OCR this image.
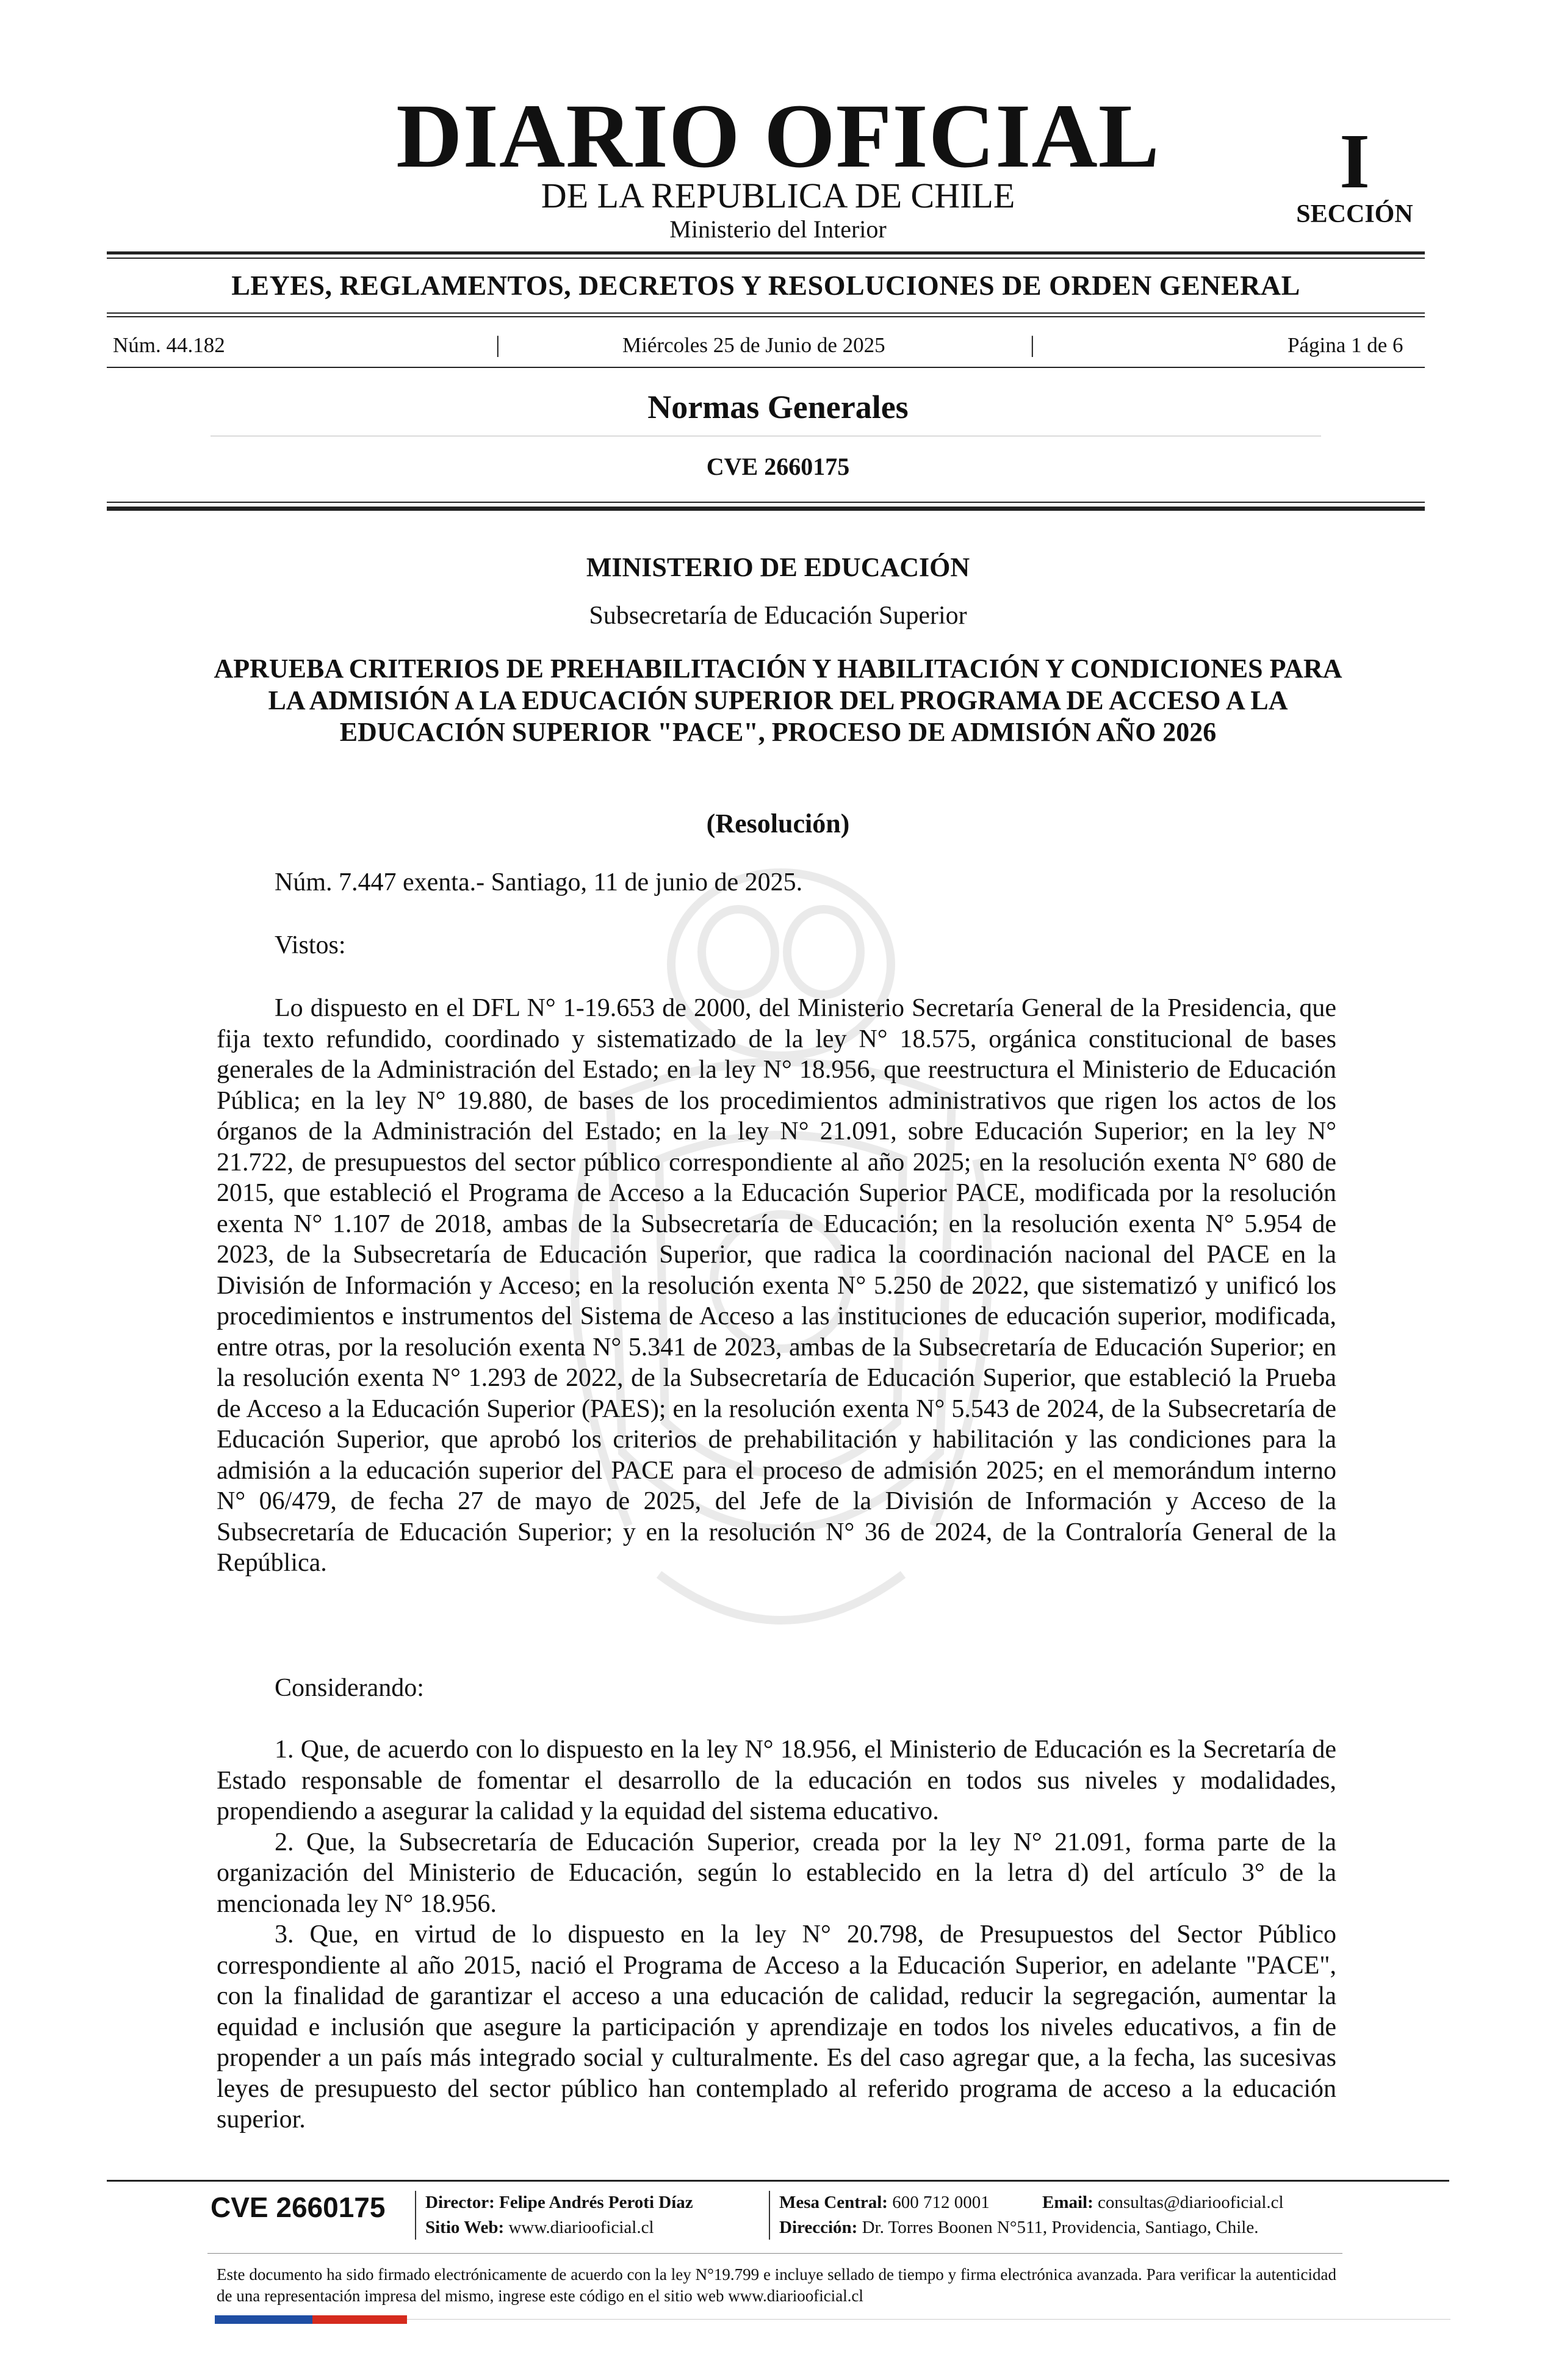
DIARIO OFICIAL
DE LA REPUBLICA DE CHILE
Ministerio del Interior
I
SECCIÓN
LEYES, REGLAMENTOS, DECRETOS Y RESOLUCIONES DE ORDEN GENERAL
Núm. 44.182	|	Miércoles 25 de Junio de 2025	|	Página 1 de 6
Normas Generales
CVE 2660175
MINISTERIO DE EDUCACIÓN
Subsecretaría de Educación Superior
APRUEBA CRITERIOS DE PREHABILITACIÓN Y HABILITACIÓN Y CONDICIONES PARA LA ADMISIÓN A LA EDUCACIÓN SUPERIOR DEL PROGRAMA DE ACCESO A LA EDUCACIÓN SUPERIOR "PACE", PROCESO DE ADMISIÓN AÑO 2026
(Resolución)
Núm. 7.447 exenta.- Santiago, 11 de junio de 2025.
Vistos:

Lo dispuesto en el DFL N° 1-19.653 de 2000, del Ministerio Secretaría General de la Presidencia, que fija texto refundido, coordinado y sistematizado de la ley N° 18.575, orgánica constitucional de bases generales de la Administración del Estado; en la ley N° 18.956, que reestructura el Ministerio de Educación Pública; en la ley N° 19.880, de bases de los procedimientos administrativos que rigen los actos de los órganos de la Administración del Estado; en la ley N° 21.091, sobre Educación Superior; en la ley N° 21.722, de presupuestos del sector público correspondiente al año 2025; en la resolución exenta N° 680 de 2015, que estableció el Programa de Acceso a la Educación Superior PACE, modificada por la resolución exenta N° 1.107 de 2018, ambas de la Subsecretaría de Educación; en la resolución exenta N° 5.954 de 2023, de la Subsecretaría de Educación Superior, que radica la coordinación nacional del PACE en la División de Información y Acceso; en la resolución exenta N° 5.250 de 2022, que sistematizó y unificó los procedimientos e instrumentos del Sistema de Acceso a las instituciones de educación superior, modificada, entre otras, por la resolución exenta N° 5.341 de 2023, ambas de la Subsecretaría de Educación Superior; en la resolución exenta N° 1.293 de 2022, de la Subsecretaría de Educación Superior, que estableció la Prueba de Acceso a la Educación Superior (PAES); en la resolución exenta N° 5.543 de 2024, de la Subsecretaría de Educación Superior, que aprobó los criterios de prehabilitación y habilitación y las condiciones para la admisión a la educación superior del PACE para el proceso de admisión 2025; en el memorándum interno N° 06/479, de fecha 27 de mayo de 2025, del Jefe de la División de Información y Acceso de la Subsecretaría de Educación Superior; y en la resolución N° 36 de 2024, de la Contraloría General de la República.

Considerando:

1. Que, de acuerdo con lo dispuesto en la ley N° 18.956, el Ministerio de Educación es la Secretaría de Estado responsable de fomentar el desarrollo de la educación en todos sus niveles y modalidades, propendiendo a asegurar la calidad y la equidad del sistema educativo.

2. Que, la Subsecretaría de Educación Superior, creada por la ley N° 21.091, forma parte de la organización del Ministerio de Educación, según lo establecido en la letra d) del artículo 3° de la mencionada ley N° 18.956.

3. Que, en virtud de lo dispuesto en la ley N° 20.798, de Presupuestos del Sector Público correspondiente al año 2015, nació el Programa de Acceso a la Educación Superior, en adelante "PACE", con la finalidad de garantizar el acceso a una educación de calidad, reducir la segregación, aumentar la equidad e inclusión que asegure la participación y aprendizaje en todos los niveles educativos, a fin de propender a un país más integrado social y culturalmente. Es del caso agregar que, a la fecha, las sucesivas leyes de presupuesto del sector público han contemplado al referido programa de acceso a la educación superior.

CVE 2660175 Director: Felipe Andrés Peroti Díaz
Sitio Web: www.diariooficial.cl
Mesa Central: 600 712 0001	Email: consultas@diariooficial.cl
Dirección: Dr. Torres Boonen N°511, Providencia, Santiago, Chile.
Este documento ha sido firmado electrónicamente de acuerdo con la ley N°19.799 e incluye sellado de tiempo y firma electrónica avanzada. Para verificar la autenticidad de una representación impresa del mismo, ingrese este código en el sitio web www.diariooficial.cl
